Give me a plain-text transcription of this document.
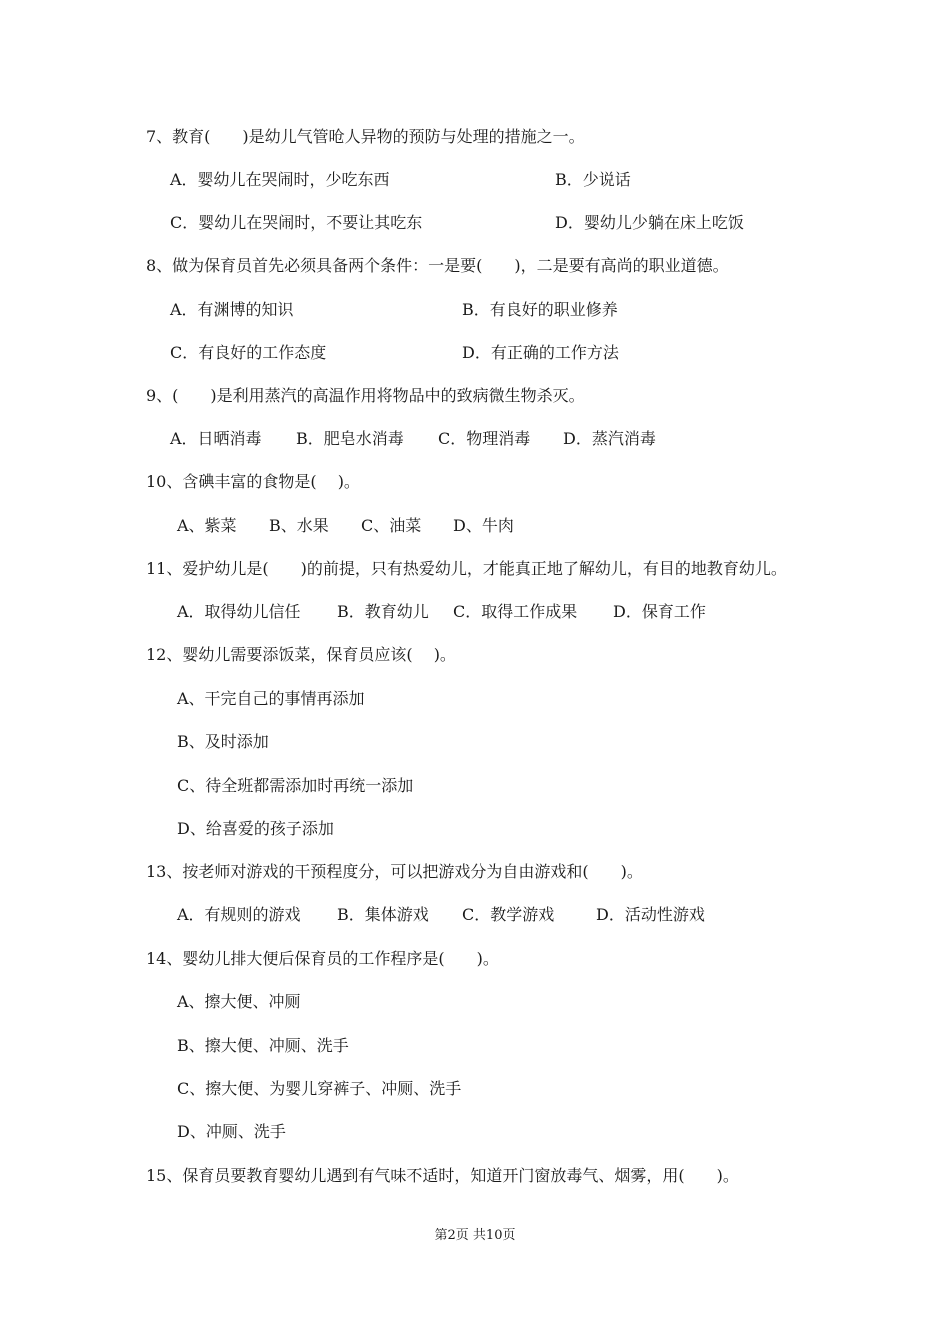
7、教育(　　)是幼儿气管呛人异物的预防与处理的措施之一。
A．婴幼儿在哭闹时，少吃东西	B．少说话
C．婴幼儿在哭闹时，不要让其吃东	D．婴幼儿少躺在床上吃饭
8、做为保育员首先必须具备两个条件：一是要(　　)，二是要有高尚的职业道德。
A．有渊博的知识	B．有良好的职业修养
C．有良好的工作态度	D．有正确的工作方法
9、(　　)是利用蒸汽的高温作用将物品中的致病微生物杀灭。
A．日晒消毒 B．肥皂水消毒 C．物理消毒 D．蒸汽消毒
10、含碘丰富的食物是(　 )。
A、紫菜 B、水果 C、油菜 D、牛肉
11、爱护幼儿是(　　)的前提，只有热爱幼儿，才能真正地了解幼儿，有目的地教育幼儿。
A．取得幼儿信任 B．教育幼儿 C．取得工作成果 D．保育工作
12、婴幼儿需要添饭菜，保育员应该(　 )。
A、干完自己的事情再添加
B、及时添加
C、待全班都需添加时再统一添加
D、给喜爱的孩子添加
13、按老师对游戏的干预程度分，可以把游戏分为自由游戏和(　　)。
A．有规则的游戏 B．集体游戏 C．教学游戏	D．活动性游戏
14、婴幼儿排大便后保育员的工作程序是(　　)。
A、擦大便、冲厕
B、擦大便、冲厕、洗手
C、擦大便、为婴儿穿裤子、冲厕、洗手
D、冲厕、洗手
15、保育员要教育婴幼儿遇到有气味不适时，知道开门窗放毒气、烟雾，用(　　)。
第2页 共10页
